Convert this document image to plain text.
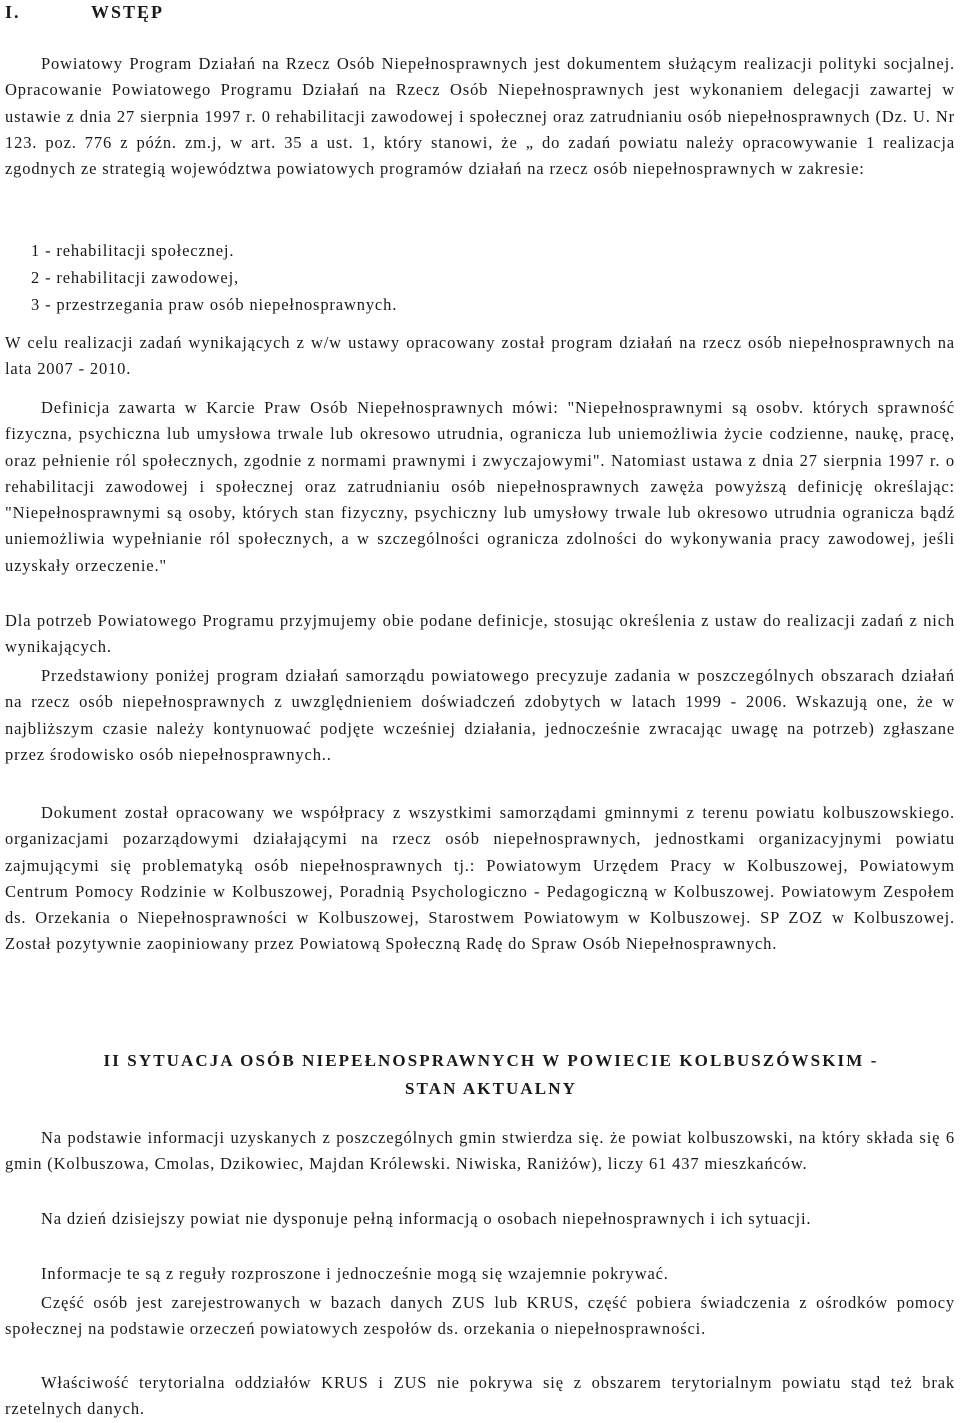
I.	WSTĘP
Powiatowy Program Działań na Rzecz Osób Niepełnosprawnych jest dokumentem służącym realizacji polityki socjalnej. Opracowanie Powiatowego Programu Działań na Rzecz Osób Niepełnosprawnych jest wykonaniem delegacji zawartej w ustawie z dnia 27 sierpnia 1997 r. 0 rehabilitacji zawodowej i społecznej oraz zatrudnianiu osób niepełnosprawnych (Dz. U. Nr 123. poz. 776 z późn. zm.j, w art. 35 a ust. 1, który stanowi, że „ do zadań powiatu należy opracowywanie 1 realizacja zgodnych ze strategią województwa powiatowych programów działań na rzecz osób niepełnosprawnych w zakresie:
1 - rehabilitacji społecznej.
2 - rehabilitacji zawodowej,
3 - przestrzegania praw osób niepełnosprawnych.
W celu realizacji zadań wynikających z w/w ustawy opracowany został program działań na rzecz osób niepełnosprawnych na lata 2007 - 2010.
Definicja zawarta w Karcie Praw Osób Niepełnosprawnych mówi: "Niepełnosprawnymi są osobv. których sprawność fizyczna, psychiczna lub umysłowa trwale lub okresowo utrudnia, ogranicza lub uniemożliwia życie codzienne, naukę, pracę, oraz pełnienie ról społecznych, zgodnie z normami prawnymi i zwyczajowymi". Natomiast ustawa z dnia 27 sierpnia 1997 r. o rehabilitacji zawodowej i społecznej oraz zatrudnianiu osób niepełnosprawnych zawęża powyższą definicję określając: "Niepełnosprawnymi są osoby, których stan fizyczny, psychiczny lub umysłowy trwale lub okresowo utrudnia ogranicza bądź uniemożliwia wypełnianie ról społecznych, a w szczególności ogranicza zdolności do wykonywania pracy zawodowej, jeśli uzyskały orzeczenie."
Dla potrzeb Powiatowego Programu przyjmujemy obie podane definicje, stosując określenia z ustaw do realizacji zadań z nich wynikających.
Przedstawiony poniżej program działań samorządu powiatowego precyzuje zadania w poszczególnych obszarach działań na rzecz osób niepełnosprawnych z uwzględnieniem doświadczeń zdobytych w latach 1999 - 2006. Wskazują one, że w najbliższym czasie należy kontynuować podjęte wcześniej działania, jednocześnie zwracając uwagę na potrzeb) zgłaszane przez środowisko osób niepełnosprawnych..
Dokument został opracowany we współpracy z wszystkimi samorządami gminnymi z terenu powiatu kolbuszowskiego. organizacjami pozarządowymi działającymi na rzecz osób niepełnosprawnych, jednostkami organizacyjnymi powiatu zajmującymi się problematyką osób niepełnosprawnych tj.: Powiatowym Urzędem Pracy w Kolbuszowej, Powiatowym Centrum Pomocy Rodzinie w Kolbuszowej, Poradnią Psychologiczno - Pedagogiczną w Kolbuszowej. Powiatowym Zespołem ds. Orzekania o Niepełnosprawności w Kolbuszowej, Starostwem Powiatowym w Kolbuszowej. SP ZOZ w Kolbuszowej. Został pozytywnie zaopiniowany przez Powiatową Społeczną Radę do Spraw Osób Niepełnosprawnych.
II SYTUACJA OSÓB NIEPEŁNOSPRAWNYCH W POWIECIE KOLBUSZÓWSKIM -
STAN AKTUALNY
Na podstawie informacji uzyskanych z poszczególnych gmin stwierdza się. że powiat kolbuszowski, na który składa się 6 gmin (Kolbuszowa, Cmolas, Dzikowiec, Majdan Królewski. Niwiska, Raniżów), liczy 61 437 mieszkańców.
Na dzień dzisiejszy powiat nie dysponuje pełną informacją o osobach niepełnosprawnych i ich sytuacji.
Informacje te są z reguły rozproszone i jednocześnie mogą się wzajemnie pokrywać.
Część osób jest zarejestrowanych w bazach danych ZUS lub KRUS, część pobiera świadczenia z ośrodków pomocy społecznej na podstawie orzeczeń powiatowych zespołów ds. orzekania o niepełnosprawności.
Właściwość terytorialna oddziałów KRUS i ZUS nie pokrywa się z obszarem terytorialnym powiatu stąd też brak rzetelnych danych.
